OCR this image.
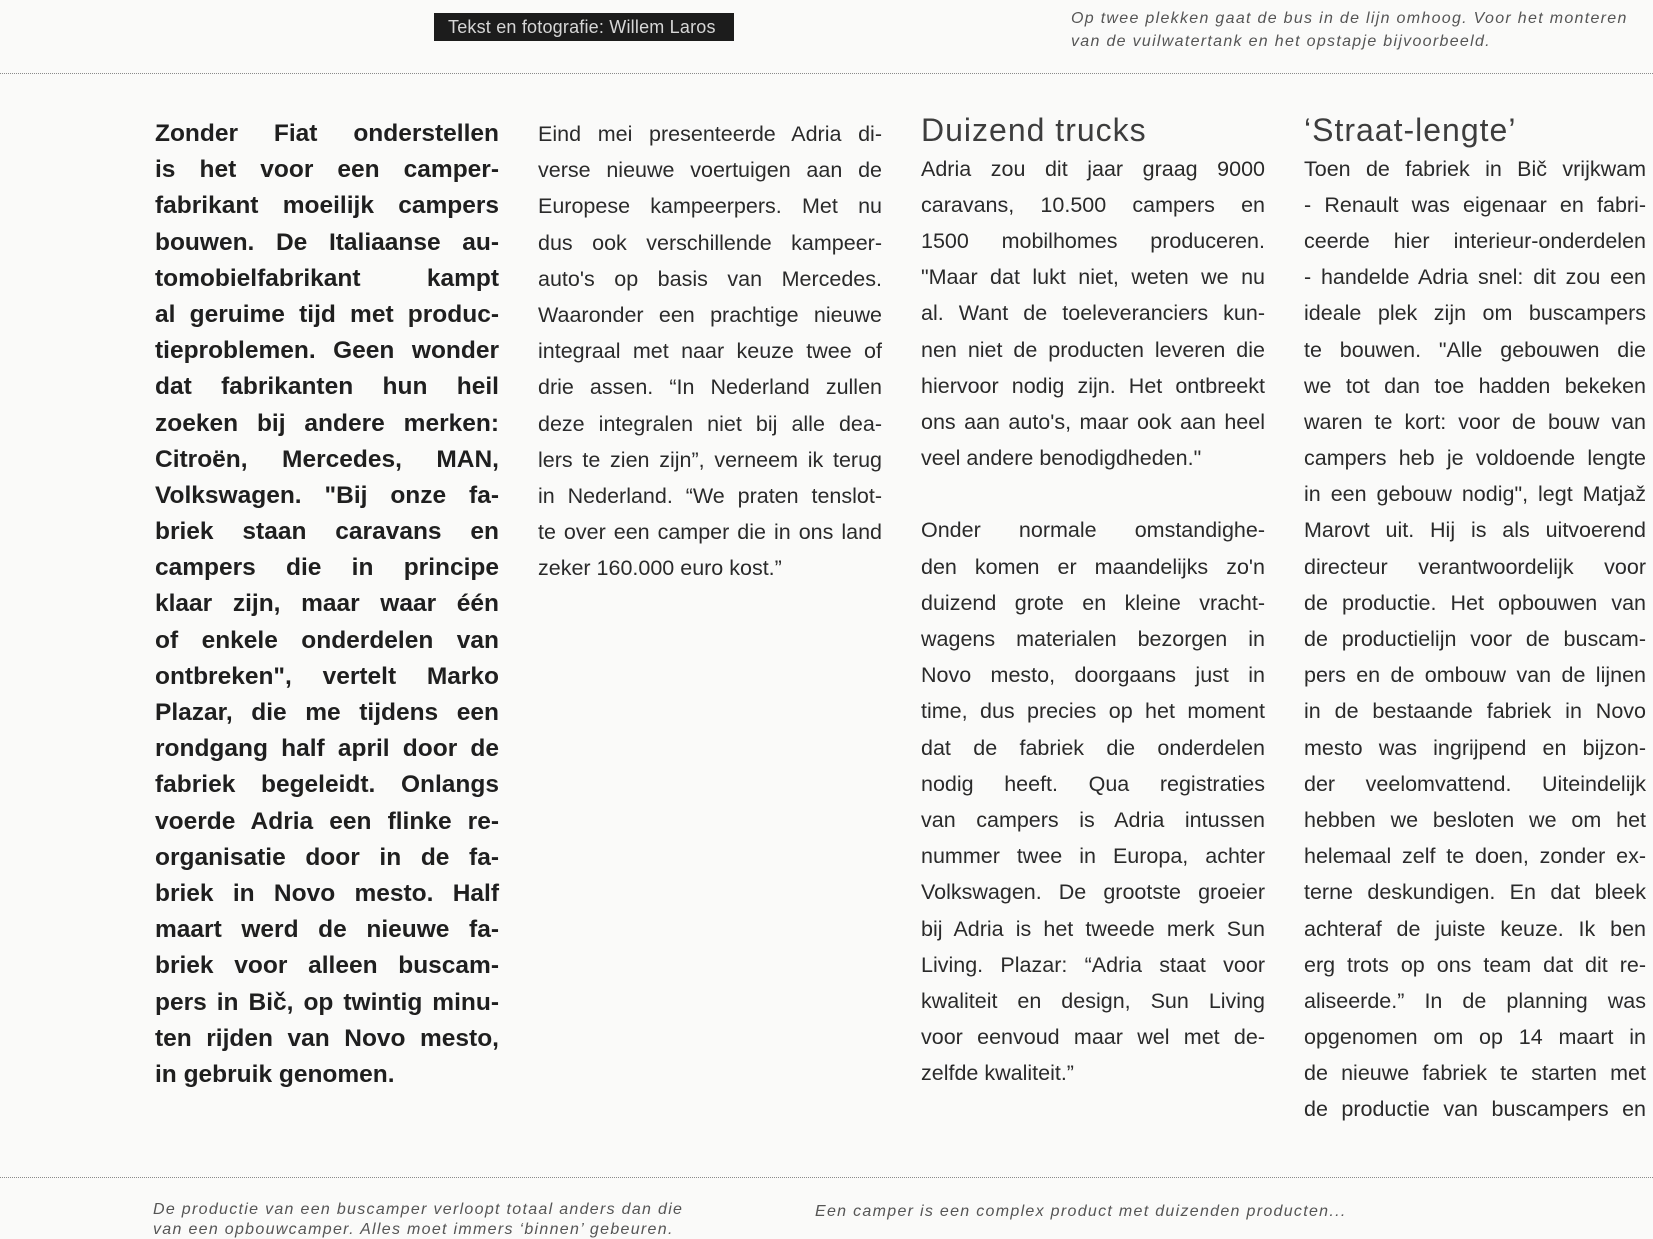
Tekst en fotografie: Willem Laros	Op twee plekken gaat de bus in de lijn omhoog. Voor het monteren
van de vuilwatertank en het opstapje bijvoorbeeld.
Zonder Fiat onderstellen
is het voor een camper-
fabrikant moeilijk campers
bouwen. De Italiaanse au-
tomobielfabrikant kampt
al geruime tijd met produc-
tieproblemen. Geen wonder
dat fabrikanten hun heil
zoeken bij andere merken:
Citroën, Mercedes, MAN,
Volkswagen. "Bij onze fa-
briek staan caravans en
campers die in principe
klaar zijn, maar waar één
of enkele onderdelen van
ontbreken", vertelt Marko
Plazar, die me tijdens een
rondgang half april door de
fabriek begeleidt. Onlangs
voerde Adria een flinke re-
organisatie door in de fa-
briek in Novo mesto. Half
maart werd de nieuwe fa-
briek voor alleen buscam-
pers in Bič, op twintig minu-
ten rijden van Novo mesto,
in gebruik genomen.
Eind mei presenteerde Adria di-
verse nieuwe voertuigen aan de
Europese kampeerpers. Met nu
dus ook verschillende kampeer-
auto's op basis van Mercedes.
Waaronder een prachtige nieuwe
integraal met naar keuze twee of
drie assen. “In Nederland zullen
deze integralen niet bij alle dea-
lers te zien zijn”, verneem ik terug
in Nederland. “We praten tenslot-
te over een camper die in ons land
zeker 160.000 euro kost.”
Duizend trucks
Adria zou dit jaar graag 9000
caravans, 10.500 campers en
1500 mobilhomes produceren.
"Maar dat lukt niet, weten we nu
al. Want de toeleveranciers kun-
nen niet de producten leveren die
hiervoor nodig zijn. Het ontbreekt
ons aan auto's, maar ook aan heel
veel andere benodigdheden."
Onder normale omstandighe-
den komen er maandelijks zo'n
duizend grote en kleine vracht-
wagens materialen bezorgen in
Novo mesto, doorgaans just in
time, dus precies op het moment
dat de fabriek die onderdelen
nodig heeft. Qua registraties
van campers is Adria intussen
nummer twee in Europa, achter
Volkswagen. De grootste groeier
bij Adria is het tweede merk Sun
Living. Plazar: “Adria staat voor
kwaliteit en design, Sun Living
voor eenvoud maar wel met de-
zelfde kwaliteit.”
‘Straat-lengte’
Toen de fabriek in Bič vrijkwam
- Renault was eigenaar en fabri-
ceerde hier interieur-onderdelen
- handelde Adria snel: dit zou een
ideale plek zijn om buscampers
te bouwen. "Alle gebouwen die
we tot dan toe hadden bekeken
waren te kort: voor de bouw van
campers heb je voldoende lengte
in een gebouw nodig", legt Matjaž
Marovt uit. Hij is als uitvoerend
directeur verantwoordelijk voor
de productie. Het opbouwen van
de productielijn voor de buscam-
pers en de ombouw van de lijnen
in de bestaande fabriek in Novo
mesto was ingrijpend en bijzon-
der veelomvattend. Uiteindelijk
hebben we besloten we om het
helemaal zelf te doen, zonder ex-
terne deskundigen. En dat bleek
achteraf de juiste keuze. Ik ben
erg trots op ons team dat dit re-
aliseerde.” In de planning was
opgenomen om op 14 maart in
de nieuwe fabriek te starten met
de productie van buscampers en
De productie van een buscamper verloopt totaal anders dan die
van een opbouwcamper. Alles moet immers ‘binnen’ gebeuren.
Een camper is een complex product met duizenden producten...
